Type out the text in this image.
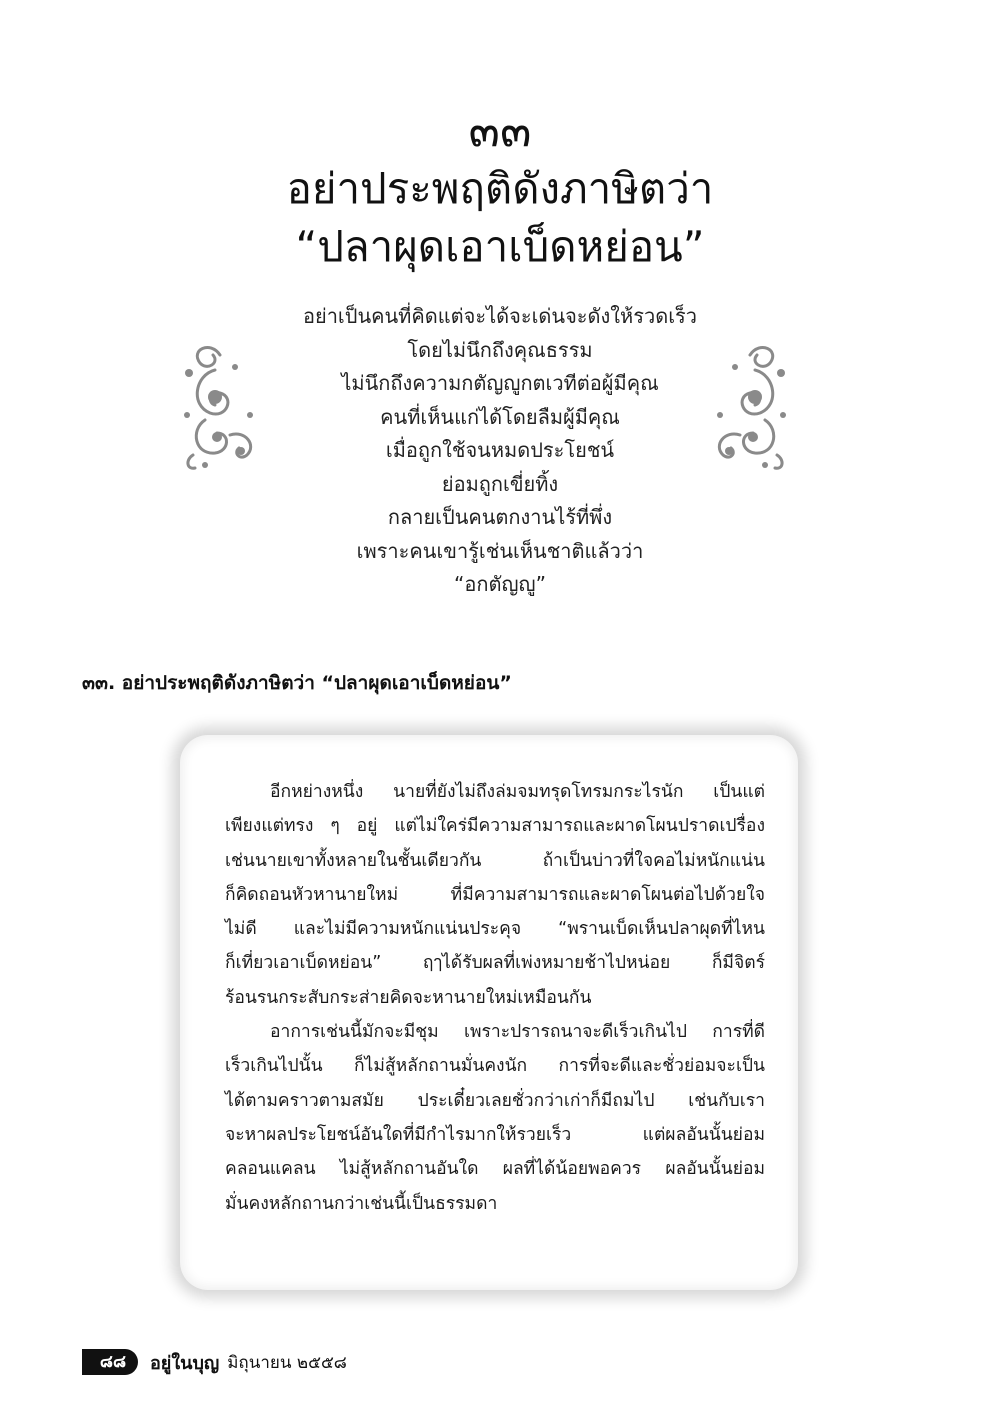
๓๓
อย่าประพฤติดังภาษิตว่า
“ปลาผุดเอาเบ็ดหย่อน”
อย่าเป็นคนที่คิดแต่จะได้จะเด่นจะดังให้รวดเร็ว
โดยไม่นึกถึงคุณธรรม
ไม่นึกถึงความกตัญญูกตเวทีต่อผู้มีคุณ
คนที่เห็นแก่ได้โดยลืมผู้มีคุณ
เมื่อถูกใช้จนหมดประโยชน์
ย่อมถูกเขี่ยทิ้ง
กลายเป็นคนตกงานไร้ที่พึ่ง
เพราะคนเขารู้เช่นเห็นชาติแล้วว่า
“อกตัญญู”
๓๓. อย่าประพฤติดังภาษิตว่า “ปลาผุดเอาเบ็ดหย่อน”
อีกหย่างหนึ่ง นายที่ยังไม่ถึงล่มจมทรุดโทรมกระไรนัก เป็นแต่
เพียงแต่ทรง ๆ อยู่ แต่ไม่ใคร่มีความสามารถและผาดโผนปราดเปรื่อง
เช่นนายเขาทั้งหลายในชั้นเดียวกัน ถ้าเป็นบ่าวที่ใจคอไม่หนักแน่น
ก็คิดถอนหัวหานายใหม่ ที่มีความสามารถและผาดโผนต่อไปด้วยใจ
ไม่ดี และไม่มีความหนักแน่นประคุจ “พรานเบ็ดเห็นปลาผุดที่ไหน
ก็เที่ยวเอาเบ็ดหย่อน” ฤๅได้รับผลที่เพ่งหมายช้าไปหน่อย ก็มีจิตร์
ร้อนรนกระสับกระส่ายคิดจะหานายใหม่เหมือนกัน
อาการเช่นนี้มักจะมีชุม เพราะปรารถนาจะดีเร็วเกินไป การที่ดี
เร็วเกินไปนั้น ก็ไม่สู้หลักถานมั่นคงนัก การที่จะดีและชั่วย่อมจะเป็น
ได้ตามคราวตามสมัย ประเดี๋ยวเลยชั่วกว่าเก่าก็มีถมไป เช่นกับเรา
จะหาผลประโยชน์อันใดที่มีกำไรมากให้รวยเร็ว แต่ผลอันนั้นย่อม
คลอนแคลน ไม่สู้หลักถานอันใด ผลที่ได้น้อยพอควร ผลอันนั้นย่อม
มั่นคงหลักถานกว่าเช่นนี้เป็นธรรมดา
๘๘	อยู่ในบุญ มิถุนายน ๒๕๕๘
